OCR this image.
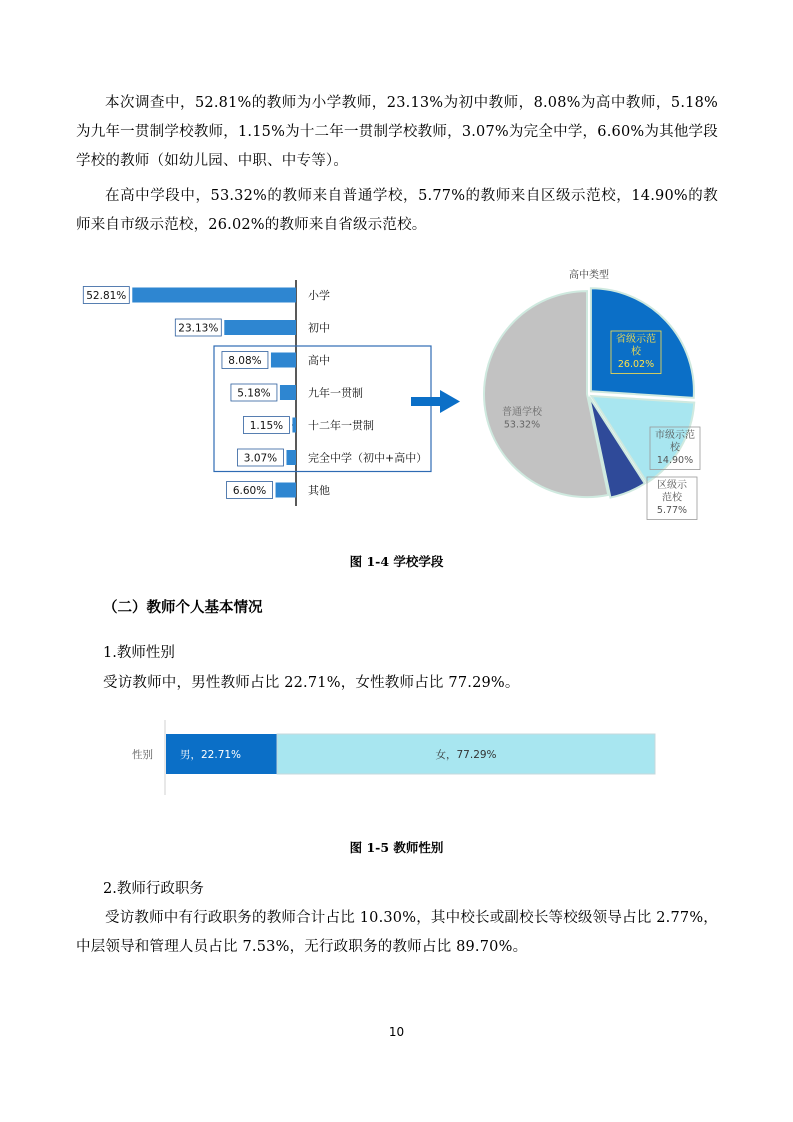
本次调查中，52.81%的教师为小学教师，23.13%为初中教师，8.08%为高中教师，5.18%为九年一贯制学校教师，1.15%为十二年一贯制学校教师，3.07%为完全中学，6.60%为其他学段学校的教师（如幼儿园、中职、中专等）。

在高中学段中，53.32%的教师来自普通学校，5.77%的教师来自区级示范校，14.90%的教师来自市级示范校，26.02%的教师来自省级示范校。

52.81%	小学
23.13%	初中
8.08%	高中
5.18%	九年一贯制
1.15% 十二年一贯制
3.07%	完全中学（初中+高中）
6.60%	其他
高中类型
省级示范
校
26.02%
市级示范
校
14.90%
区级示
范校
5.77%
普通学校
53.32%
图 1-4 学校学段
（二）教师个人基本情况
1.教师性别

受访教师中，男性教师占比 22.71%，女性教师占比 77.29%。

性别	男，22.71%	女，77.29%
图 1-5 教师性别
2.教师行政职务

受访教师中有行政职务的教师合计占比 10.30%，其中校长或副校长等校级领导占比 2.77%，中层领导和管理人员占比 7.53%，无行政职务的教师占比 89.70%。

10
